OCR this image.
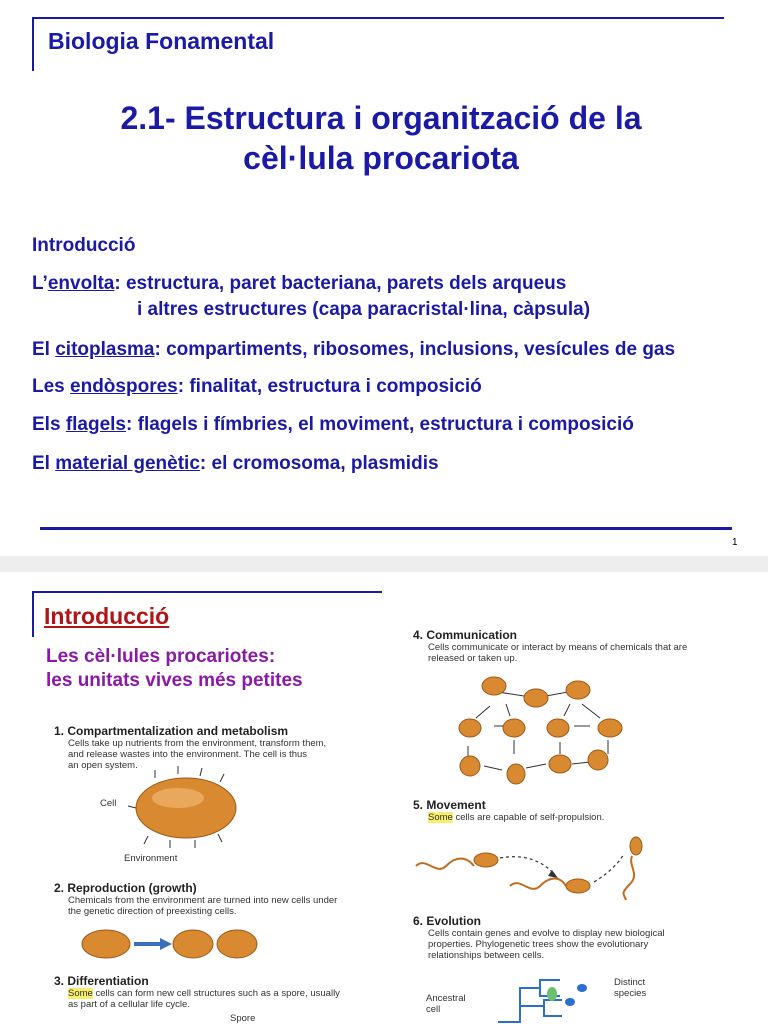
Biologia Fonamental
2.1- Estructura i organització de la
cèl·lula procariota
Introducció
L’envolta: estructura, paret bacteriana, parets dels arqueus
i altres estructures (capa paracristal·lina, càpsula)
El citoplasma: compartiments, ribosomes, inclusions, vesícules de gas
Les endòspores: finalitat, estructura i composició
Els flagels: flagels i fímbries, el moviment, estructura i composició
El material genètic: el cromosoma, plasmidis
1
Introducció
Les cèl·lules procariotes:
les unitats vives més petites
1. Compartmentalization and metabolism
Cells take up nutrients from the environment, transform them,
and release wastes into the environment. The cell is thus
an open system.
Cell
Environment
2. Reproduction (growth)
Chemicals from the environment are turned into new cells under
the genetic direction of preexisting cells.
3. Differentiation
Some cells can form new cell structures such as a spore, usually
as part of a cellular life cycle.
Spore
4. Communication
Cells communicate or interact by means of chemicals that are
released or taken up.
5. Movement
Some cells are capable of self-propulsion.
6. Evolution
Cells contain genes and evolve to display new biological
properties. Phylogenetic trees show the evolutionary
relationships between cells.
Distinct
species
Ancestral
cell
